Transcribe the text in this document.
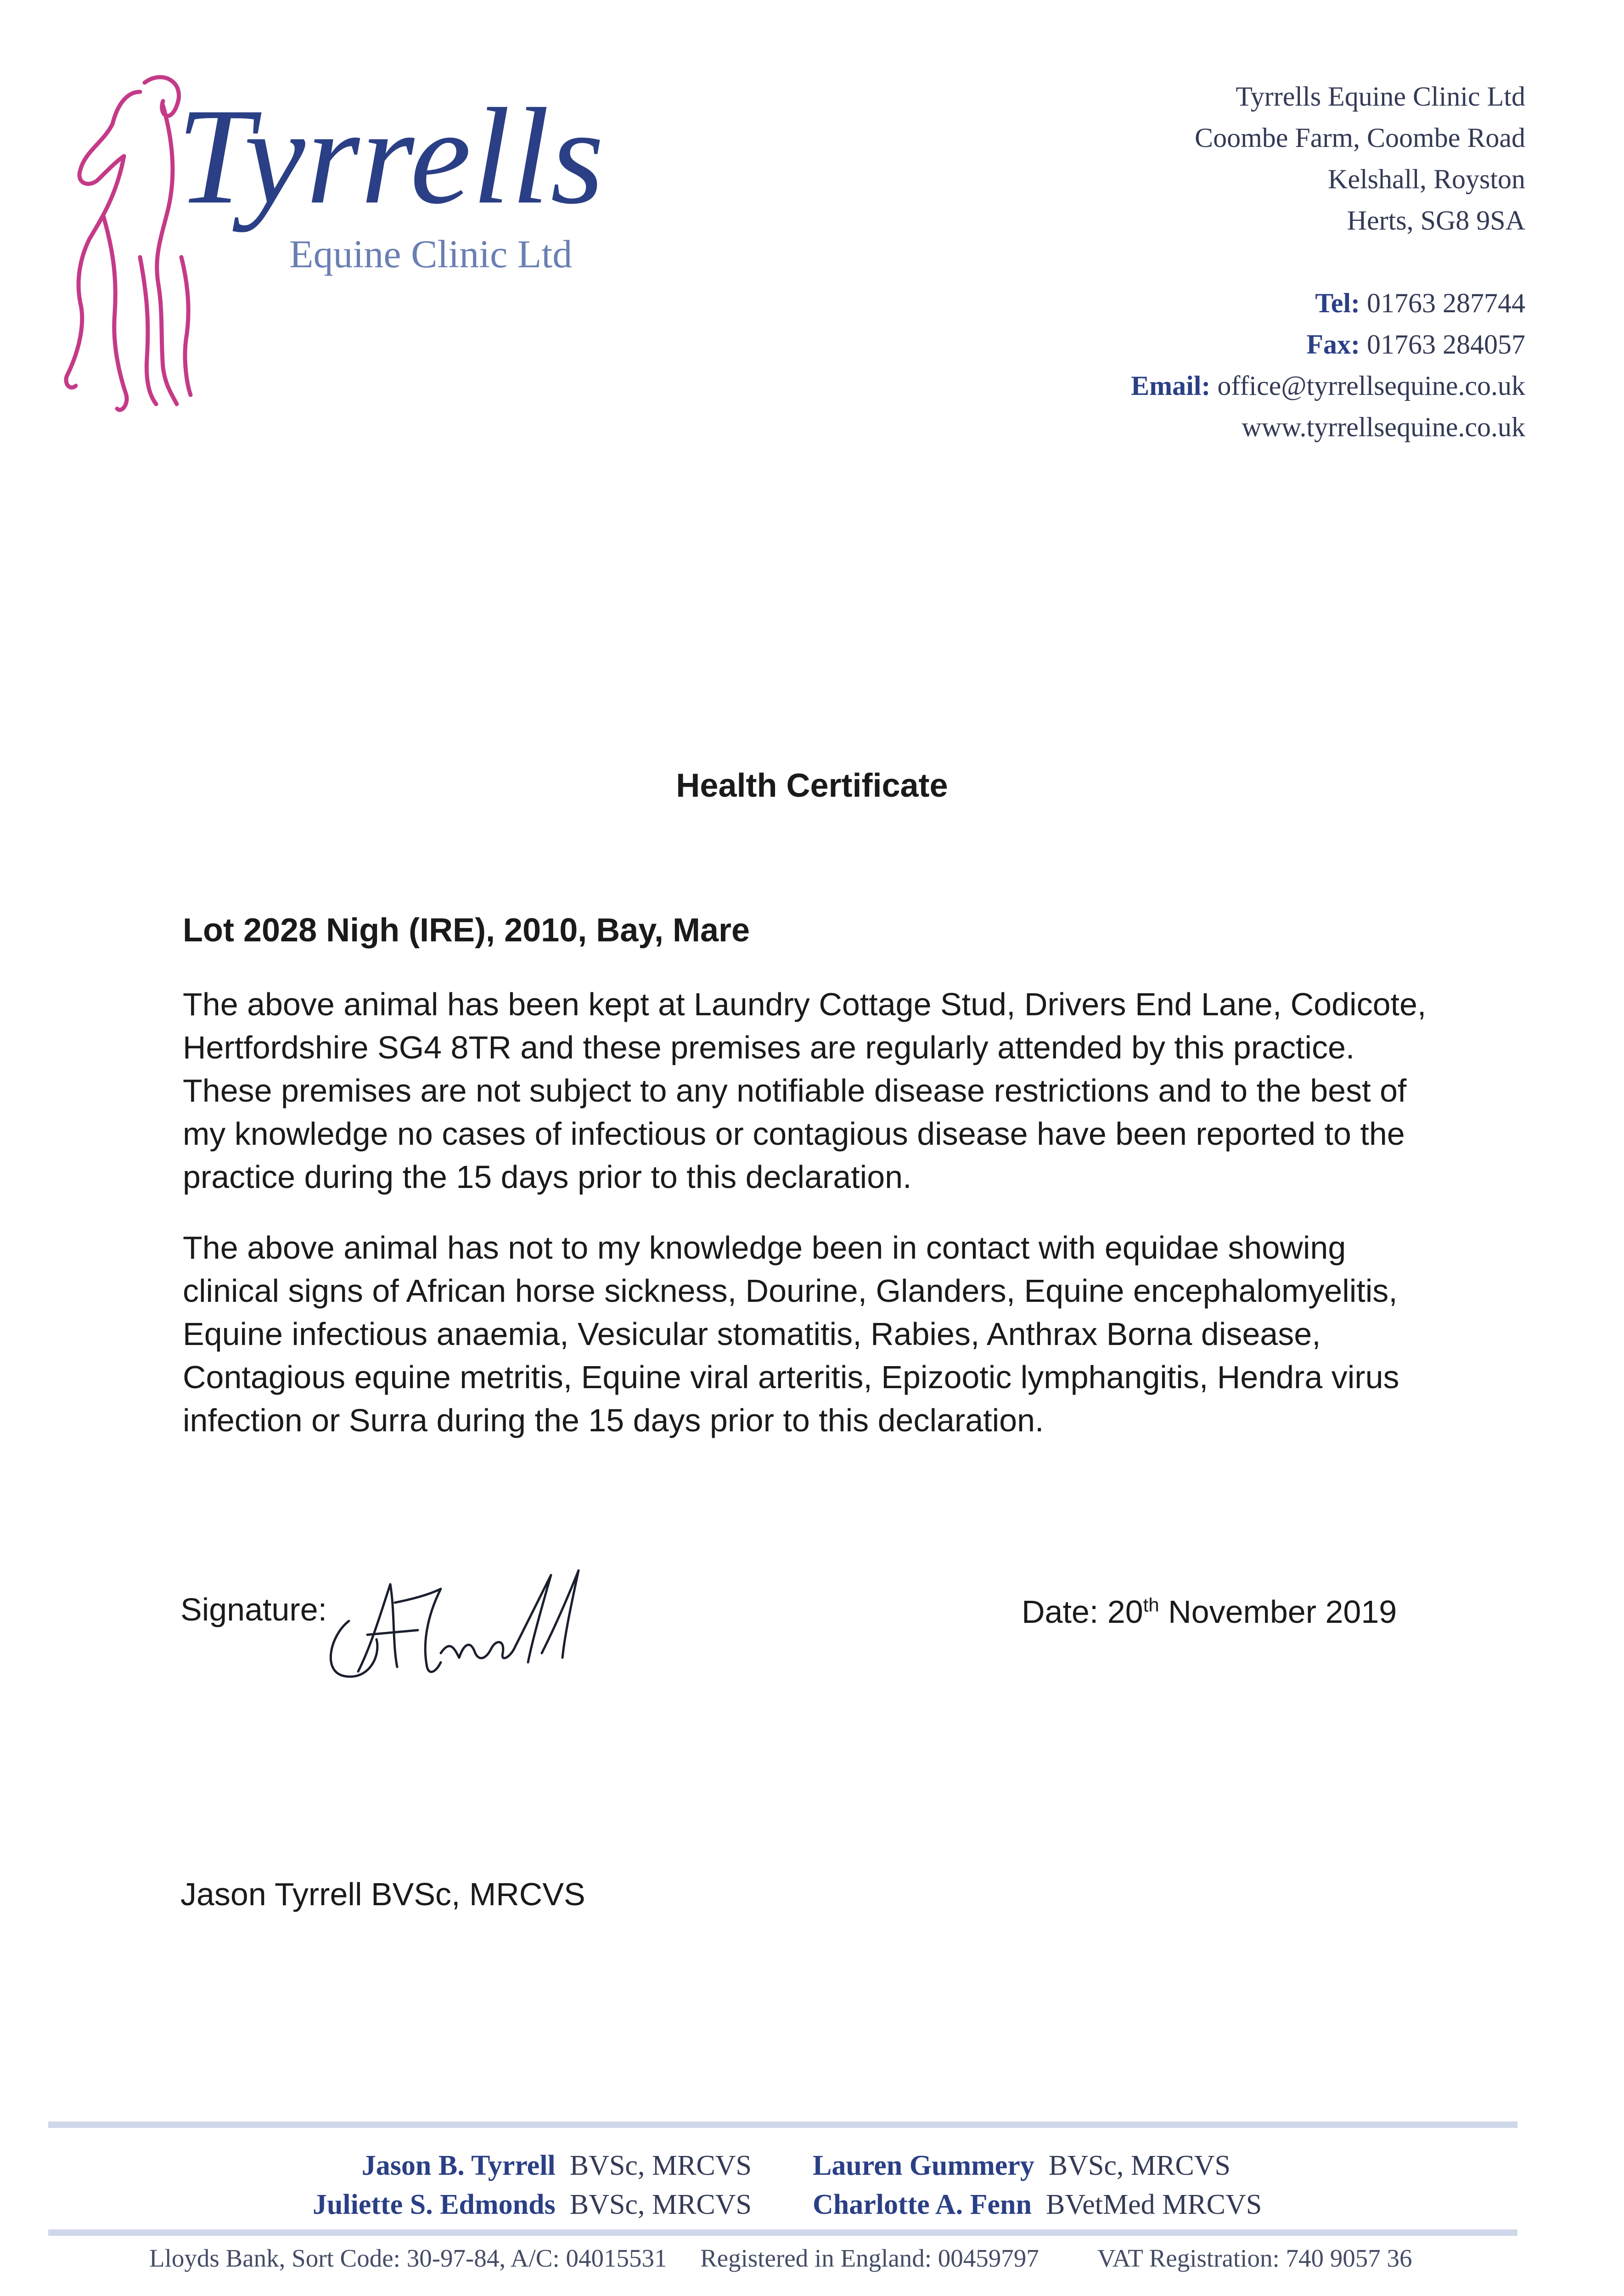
Tyrrells
Equine Clinic Ltd
Tyrrells Equine Clinic Ltd
Coombe Farm, Coombe Road
Kelshall, Royston
Herts, SG8 9SA
Tel: 01763 287744
Fax: 01763 284057
Email: office@tyrrellsequine.co.uk
www.tyrrellsequine.co.uk
Health Certificate
Lot 2028 Nigh (IRE), 2010, Bay, Mare
The above animal has been kept at Laundry Cottage Stud, Drivers End Lane, Codicote, Hertfordshire SG4 8TR and these premises are regularly attended by this practice. These premises are not subject to any notifiable disease restrictions and to the best of my knowledge no cases of infectious or contagious disease have been reported to the practice during the 15 days prior to this declaration.
The above animal has not to my knowledge been in contact with equidae showing clinical signs of African horse sickness, Dourine, Glanders, Equine encephalomyelitis, Equine infectious anaemia, Vesicular stomatitis, Rabies, Anthrax Borna disease, Contagious equine metritis, Equine viral arteritis, Epizootic lymphangitis, Hendra virus infection or Surra during the 15 days prior to this declaration.
Signature:	Date: 20th November 2019
Jason Tyrrell BVSc, MRCVS
Jason B. Tyrrell BVSc, MRCVS Lauren Gummery BVSc, MRCVS
Juliette S. Edmonds BVSc, MRCVS Charlotte A. Fenn BVetMed MRCVS
Lloyds Bank, Sort Code: 30-97-84, A/C: 04015531 Registered in England: 00459797 VAT Registration: 740 9057 36
